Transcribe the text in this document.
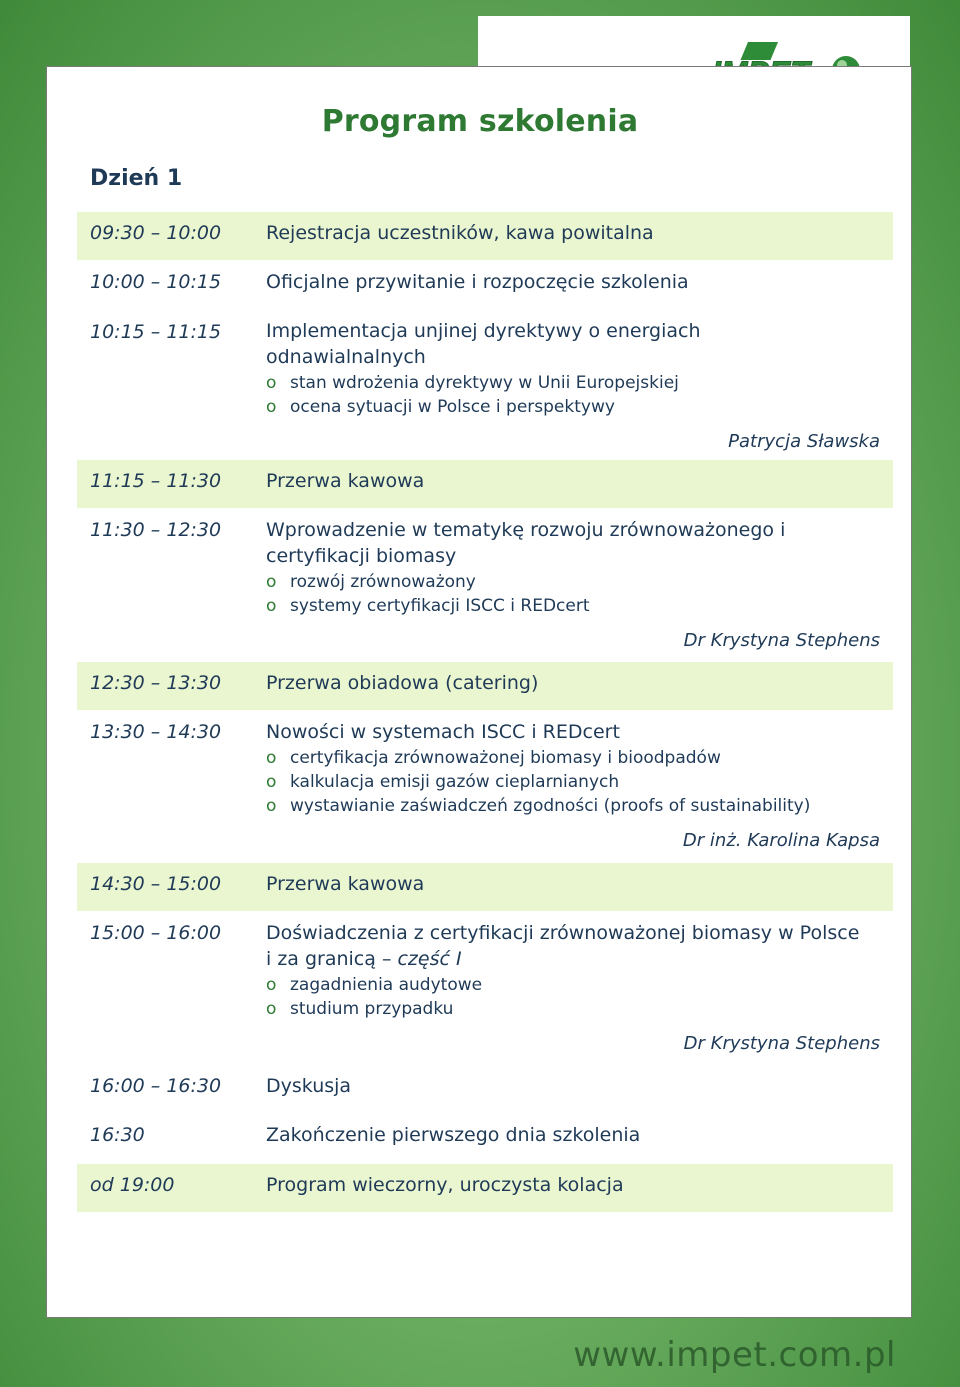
Program szkolenia
Dzień 1
09:30 – 10:00 Rejestracja uczestników, kawa powitalna
10:00 – 10:15 Oficjalne przywitanie i rozpoczęcie szkolenia
10:15 – 11:15 Implementacja unjinej dyrektywy o energiach odnawialnalnych
o stan wdrożenia dyrektywy w Unii Europejskiej
o ocena sytuacji w Polsce i perspektywy
Patrycja Sławska
11:15 – 11:30 Przerwa kawowa
11:30 – 12:30 Wprowadzenie w tematykę rozwoju zrównoważonego i certyfikacji biomasy
o rozwój zrównoważony
o systemy certyfikacji ISCC i REDcert
Dr Krystyna Stephens
12:30 – 13:30 Przerwa obiadowa (catering)
13:30 – 14:30 Nowości w systemach ISCC i REDcert
o certyfikacja zrównoważonej biomasy i bioodpadów
o kalkulacja emisji gazów cieplarnianych
o wystawianie zaświadczeń zgodności (proofs of sustainability)
Dr inż. Karolina Kapsa
14:30 – 15:00 Przerwa kawowa
15:00 – 16:00 Doświadczenia z certyfikacji zrównoważonej biomasy w Polsce i za granicą – część I
o zagadnienia audytowe
o studium przypadku
Dr Krystyna Stephens
16:00 – 16:30 Dyskusja
16:30	Zakończenie pierwszego dnia szkolenia
od 19:00	Program wieczorny, uroczysta kolacja
www.impet.com.pl
